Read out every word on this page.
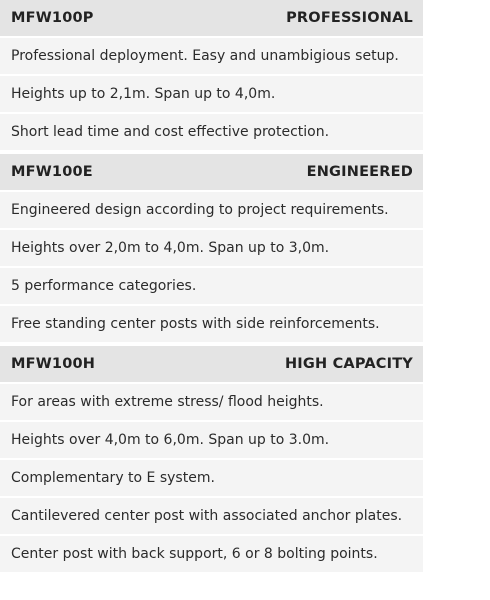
MFW100P	PROFESSIONAL
Professional deployment. Easy and unambigious setup.
Heights up to 2,1m. Span up to 4,0m.
Short lead time and cost effective protection.
MFW100E	ENGINEERED
Engineered design according to project requirements.
Heights over 2,0m to 4,0m. Span up to 3,0m.
5 performance categories.
Free standing center posts with side reinforcements.
MFW100H	HIGH CAPACITY
For areas with extreme stress/ flood heights.
Heights over 4,0m to 6,0m. Span up to 3.0m.
Complementary to E system.
Cantilevered center post with associated anchor plates.
Center post with back support, 6 or 8 bolting points.
